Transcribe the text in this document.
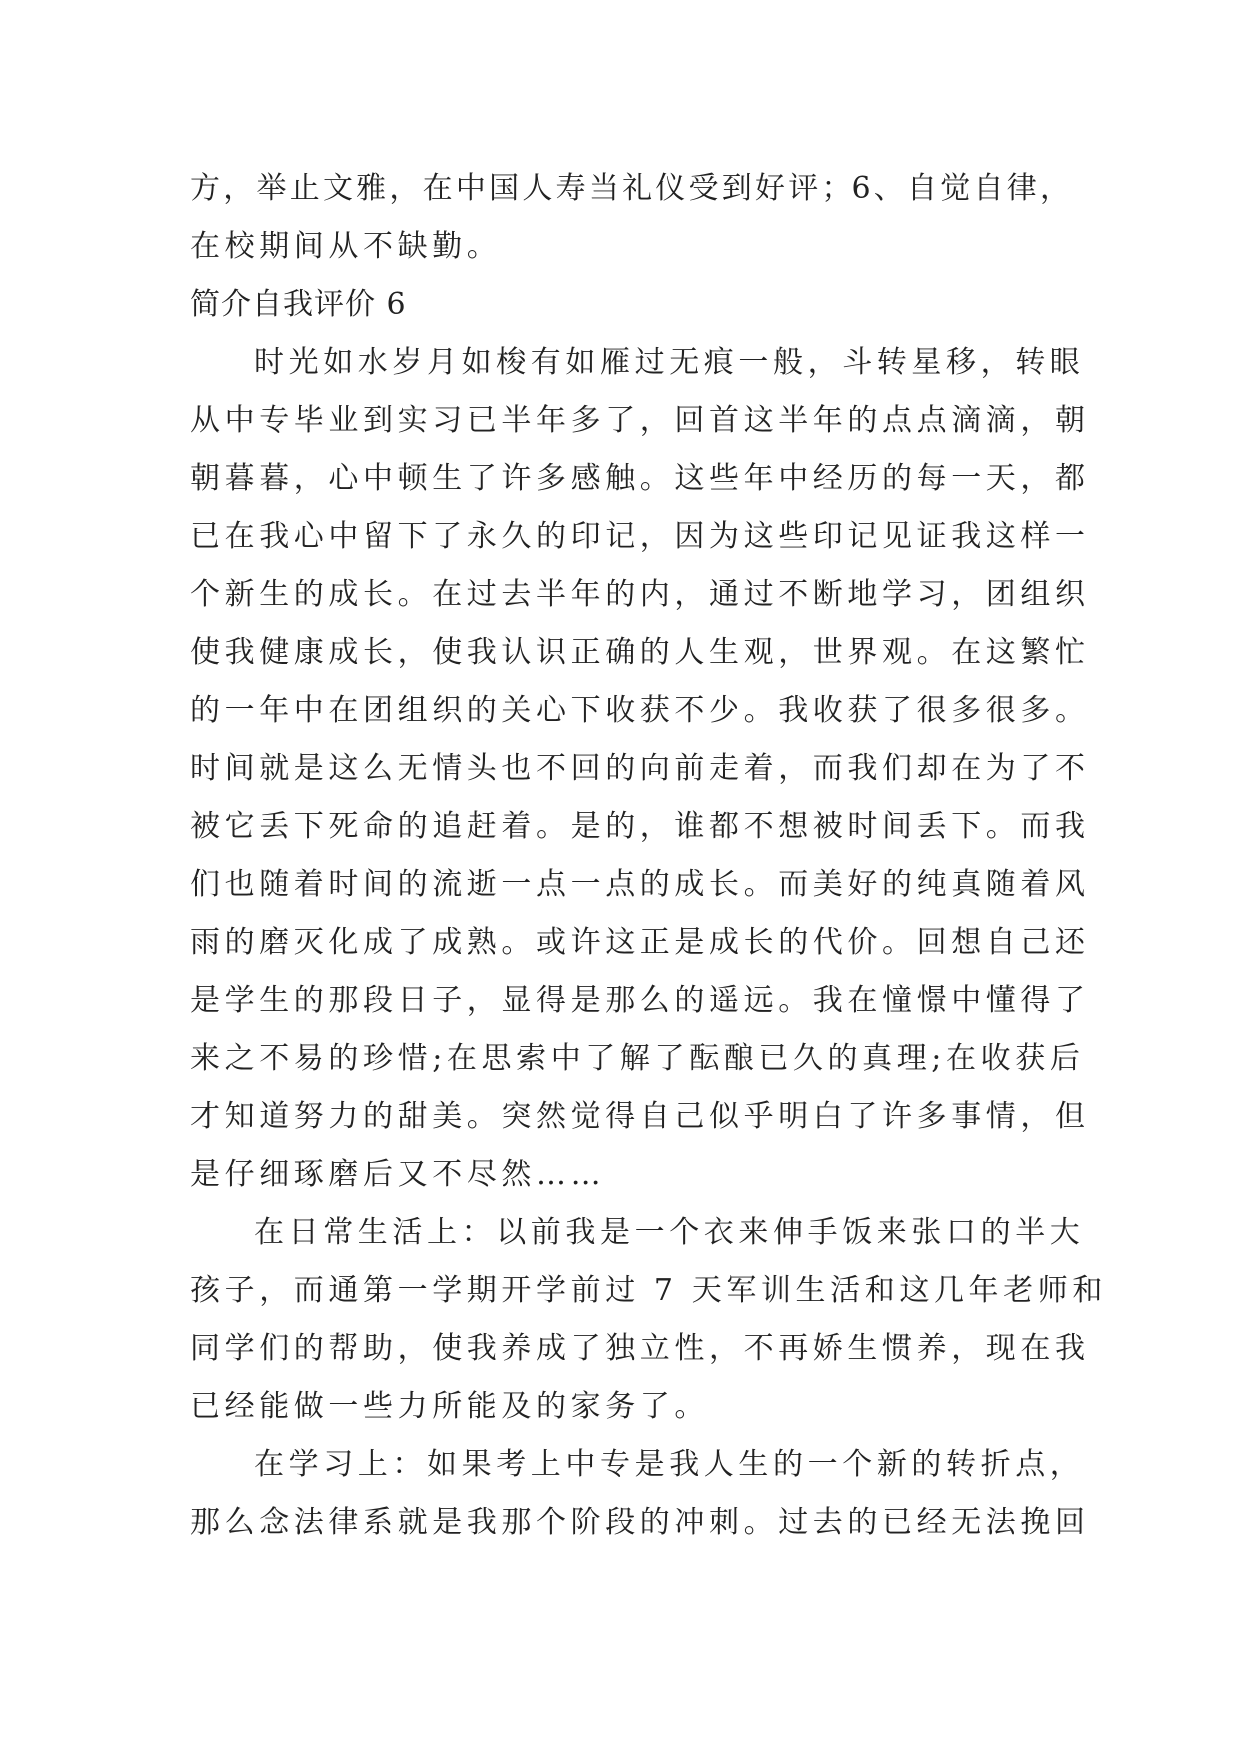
方，举止文雅，在中国人寿当礼仪受到好评；6、自觉自律，
在校期间从不缺勤。
简介自我评价 6
时光如水岁月如梭有如雁过无痕一般，斗转星移，转眼
从中专毕业到实习已半年多了，回首这半年的点点滴滴，朝
朝暮暮，心中顿生了许多感触。这些年中经历的每一天，都
已在我心中留下了永久的印记，因为这些印记见证我这样一
个新生的成长。在过去半年的内，通过不断地学习，团组织
使我健康成长，使我认识正确的人生观，世界观。在这繁忙
的一年中在团组织的关心下收获不少。我收获了很多很多。
时间就是这么无情头也不回的向前走着，而我们却在为了不
被它丢下死命的追赶着。是的，谁都不想被时间丢下。而我
们也随着时间的流逝一点一点的成长。而美好的纯真随着风
雨的磨灭化成了成熟。或许这正是成长的代价。回想自己还
是学生的那段日子，显得是那么的遥远。我在憧憬中懂得了
来之不易的珍惜;在思索中了解了酝酿已久的真理;在收获后
才知道努力的甜美。突然觉得自己似乎明白了许多事情，但
是仔细琢磨后又不尽然……
在日常生活上：以前我是一个衣来伸手饭来张口的半大
孩子，而通第一学期开学前过 7 天军训生活和这几年老师和
同学们的帮助，使我养成了独立性，不再娇生惯养，现在我
已经能做一些力所能及的家务了。
在学习上：如果考上中专是我人生的一个新的转折点，
那么念法律系就是我那个阶段的冲刺。过去的已经无法挽回
